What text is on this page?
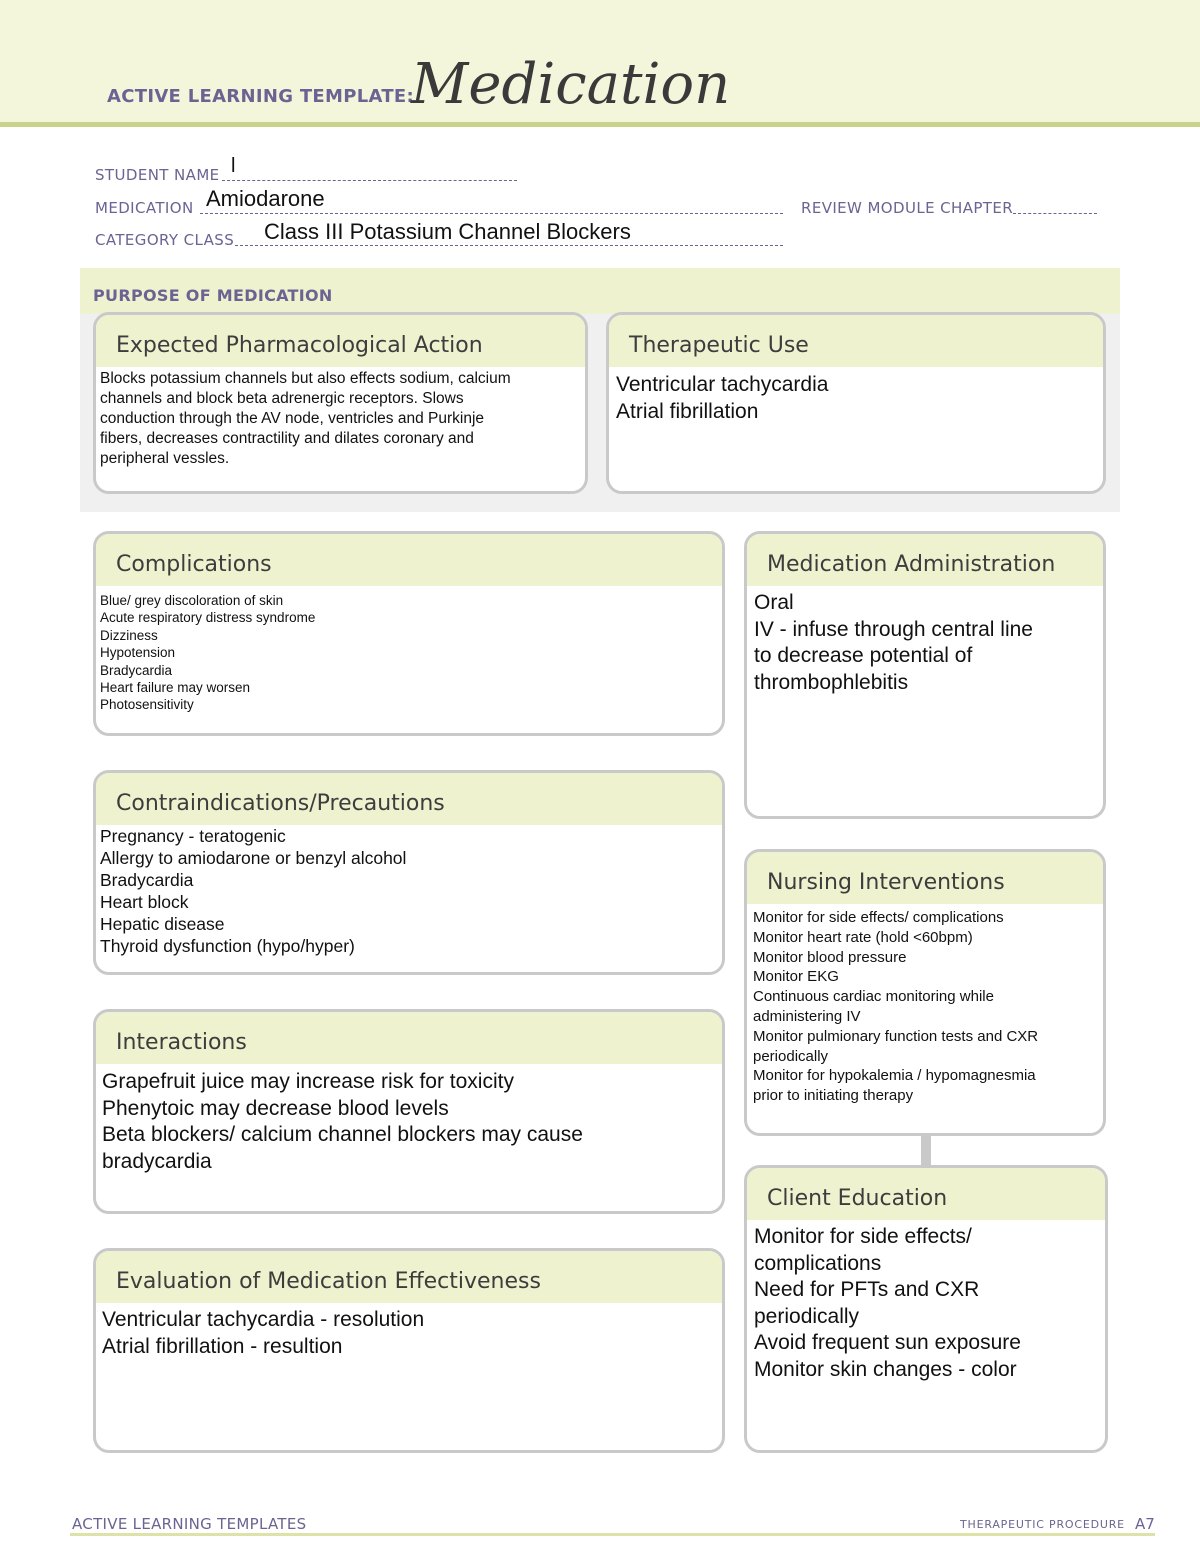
ACTIVE LEARNING TEMPLATE:
Medication
STUDENT NAME l
MEDICATION Amiodarone	REVIEW MODULE CHAPTER
CATEGORY CLASS Class III Potassium Channel Blockers
PURPOSE OF MEDICATION
Expected Pharmacological Action
Blocks potassium channels but also effects sodium, calcium
channels and block beta adrenergic receptors. Slows
conduction through the AV node, ventricles and Purkinje
fibers, decreases contractility and dilates coronary and
peripheral vessles.
Therapeutic Use
Ventricular tachycardia
Atrial fibrillation
Complications
Blue/ grey discoloration of skin
Acute respiratory distress syndrome
Dizziness
Hypotension
Bradycardia
Heart failure may worsen
Photosensitivity
Medication Administration
Oral
IV - infuse through central line
to decrease potential of
thrombophlebitis
Contraindications/Precautions
Pregnancy - teratogenic
Allergy to amiodarone or benzyl alcohol
Bradycardia
Heart block
Hepatic disease
Thyroid dysfunction (hypo/hyper)
Nursing Interventions
Monitor for side effects/ complications
Monitor heart rate (hold <60bpm)
Monitor blood pressure
Monitor EKG
Continuous cardiac monitoring while
administering IV
Monitor pulmionary function tests and CXR
periodically
Monitor for hypokalemia / hypomagnesmia
prior to initiating therapy
Interactions
Grapefruit juice may increase risk for toxicity
Phenytoic may decrease blood levels
Beta blockers/ calcium channel blockers may cause
bradycardia
Client Education
Monitor for side effects/
complications
Need for PFTs and CXR
periodically
Avoid frequent sun exposure
Monitor skin changes - color
Evaluation of Medication Effectiveness
Ventricular tachycardia - resolution
Atrial fibrillation - resultion
ACTIVE LEARNING TEMPLATES	THERAPEUTIC PROCEDURE A7
